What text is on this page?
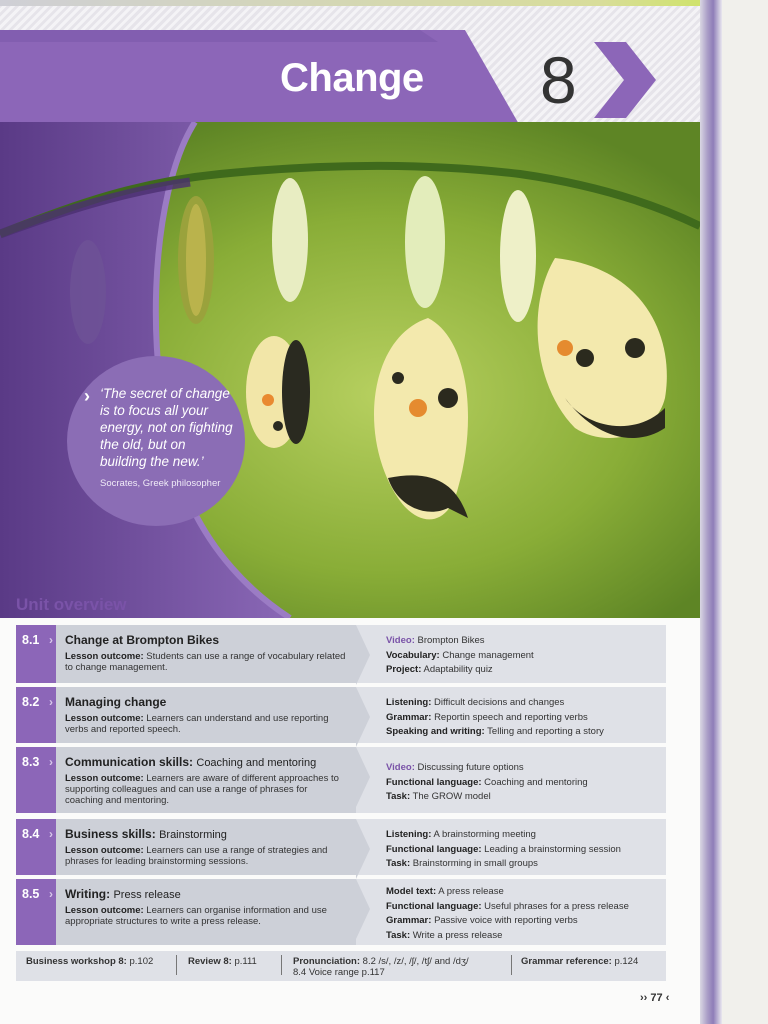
Change 8
› ‘The secret of change is to focus all your energy, not on fighting the old, but on building the new.’
Socrates, Greek philosopher
Unit overview
8.1 › Change at Brompton Bikes
Lesson outcome: Students can use a range of vocabulary related to change management.
Video: Brompton Bikes
Vocabulary: Change management
Project: Adaptability quiz
8.2 › Managing change
Lesson outcome: Learners can understand and use reporting verbs and reported speech.
Listening: Difficult decisions and changes
Grammar: Reportin speech and reporting verbs
Speaking and writing: Telling and reporting a story
8.3 › Communication skills: Coaching and mentoring
Lesson outcome: Learners are aware of different approaches to supporting colleagues and can use a range of phrases for coaching and mentoring.
Video: Discussing future options
Functional language: Coaching and mentoring
Task: The GROW model
8.4 › Business skills: Brainstorming
Lesson outcome: Learners can use a range of strategies and phrases for leading brainstorming sessions.
Listening: A brainstorming meeting
Functional language: Leading a brainstorming session
Task: Brainstorming in small groups
8.5 › Writing: Press release
Lesson outcome: Learners can organise information and use appropriate structures to write a press release.
Model text: A press release
Functional language: Useful phrases for a press release
Grammar: Passive voice with reporting verbs
Task: Write a press release
Business workshop 8: p.102	Review 8: p.111	Pronunciation: 8.2 /s/, /z/, /ʃ/, /tʃ/ and /dʒ/
8.4 Voice range p.117
Grammar reference: p.124
›› 77 ‹
